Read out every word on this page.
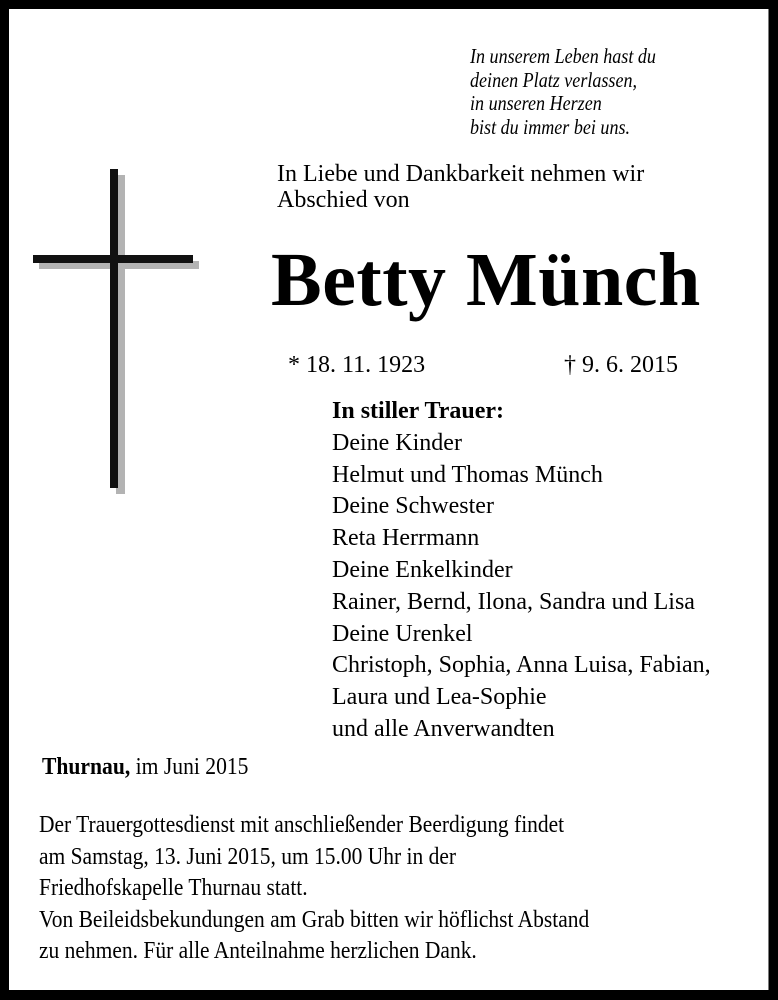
In unserem Leben hast du
deinen Platz verlassen,
in unseren Herzen
bist du immer bei uns.
In Liebe und Dankbarkeit nehmen wir
Abschied von
Betty Münch
* 18. 11. 1923	† 9. 6. 2015
In stiller Trauer:
Deine Kinder
Helmut und Thomas Münch
Deine Schwester
Reta Herrmann
Deine Enkelkinder
Rainer, Bernd, Ilona, Sandra und Lisa
Deine Urenkel
Christoph, Sophia, Anna Luisa, Fabian,
Laura und Lea-Sophie
und alle Anverwandten
Thurnau, im Juni 2015
Der Trauergottesdienst mit anschließender Beerdigung findet
am Samstag, 13. Juni 2015, um 15.00 Uhr in der
Friedhofskapelle Thurnau statt.
Von Beileidsbekundungen am Grab bitten wir höflichst Abstand
zu nehmen. Für alle Anteilnahme herzlichen Dank.
